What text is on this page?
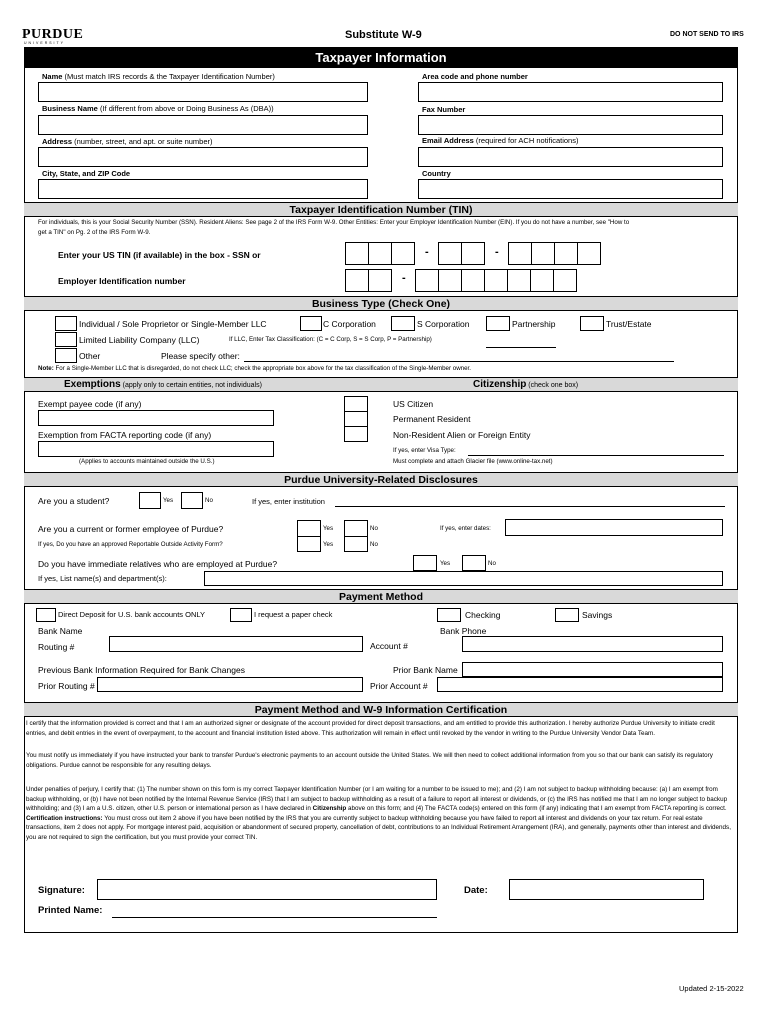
PURDUE
UNIVERSITY
Substitute W-9	DO NOT SEND TO IRS
Taxpayer Information
Name (Must match IRS records & the Taxpayer Identification Number)	Area code and phone number
Business Name (If different from above or Doing Business As (DBA))	Fax Number
Address (number, street, and apt. or suite number)	Email Address (required for ACH notifications)
City, State, and ZIP Code	Country
Taxpayer Identification Number (TIN)
For individuals, this is your Social Security Number (SSN). Resident Aliens: See page 2 of the IRS Form W-9. Other Entities: Enter your Employer Identification Number (EIN). If you do not have a number, see "How to
get a TIN" on Pg. 2 of the IRS Form W-9.
Enter your US TIN (if available) in the box - SSN or	-	-
Employer Identification number	-
Business Type (Check One)
Individual / Sole Proprietor or Single-Member LLC	C Corporation	S Corporation	Partnership	Trust/Estate
Limited Liability Company (LLC)	If LLC, Enter Tax Classification: (C = C Corp, S = S Corp, P = Partnership)
Other	Please specify other:
Note: For a Single-Member LLC that is disregarded, do not check LLC; check the appropriate box above for the tax classification of the Single-Member owner.
Exemptions (apply only to certain entities, not individuals)	Citizenship (check one box)
Exempt payee code (if any)
Exemption from FACTA reporting code (if any)
(Applies to accounts maintained outside the U.S.)
US Citizen
Permanent Resident
Non-Resident Alien or Foreign Entity
If yes, enter Visa Type:
Must complete and attach Glacier file (www.online-tax.net)
Purdue University-Related Disclosures
Are you a student?	Yes	No	If yes, enter institution
Are you a current or former employee of Purdue?	Yes	No	If yes, enter dates:
If yes, Do you have an approved Reportable Outside Activity Form?	Yes	No
Do you have immediate relatives who are employed at Purdue?	Yes	No
If yes, List name(s) and department(s):
Payment Method
Direct Deposit for U.S. bank accounts ONLY	I request a paper check	Checking	Savings
Bank Name	Bank Phone
Routing #	Account #
Previous Bank Information Required for Bank Changes	Prior Bank Name
Prior Routing #	Prior Account #
Payment Method and W-9 Information Certification
I certify that the information provided is correct and that I am an authorized signer or designate of the account provided for direct deposit transactions, and am entitled to provide this authorization. I hereby authorize Purdue University to initiate credit entries, and debit entries in the event of overpayment, to the account and financial institution listed above. This authorization will remain in effect until revoked by the vendor in writing to the Purdue University Vendor Data Team.
You must notify us immediately if you have instructed your bank to transfer Purdue's electronic payments to an account outside the United States. We will then need to collect additional information from you so that our bank can satisfy its regulatory obligations. Purdue cannot be responsible for any resulting delays.
Under penalties of perjury, I certify that: (1) The number shown on this form is my correct Taxpayer Identification Number (or I am waiting for a number to be issued to me); and (2) I am not subject to backup withholding because: (a) I am exempt from backup withholding, or (b) I have not been notified by the Internal Revenue Service (IRS) that I am subject to backup withholding as a result of a failure to report all interest or dividends, or (c) the IRS has notified me that I am no longer subject to backup withholding; and (3) I am a U.S. citizen, other U.S. person or international person as I have declared in Citizenship above on this form; and (4) The FACTA code(s) entered on this form (if any) indicating that I am exempt from FACTA reporting is correct. Certification instructions: You must cross out item 2 above if you have been notified by the IRS that you are currently subject to backup withholding because you have failed to report all interest and dividends on your tax return. For real estate transactions, item 2 does not apply. For mortgage interest paid, acquisition or abandonment of secured property, cancellation of debt, contributions to an Individual Retirement Arrangement (IRA), and generally, payments other than interest and dividends, you are not required to sign the certification, but you must provide your correct TIN.
Signature:	Date:
Printed Name:
Updated 2-15-2022
